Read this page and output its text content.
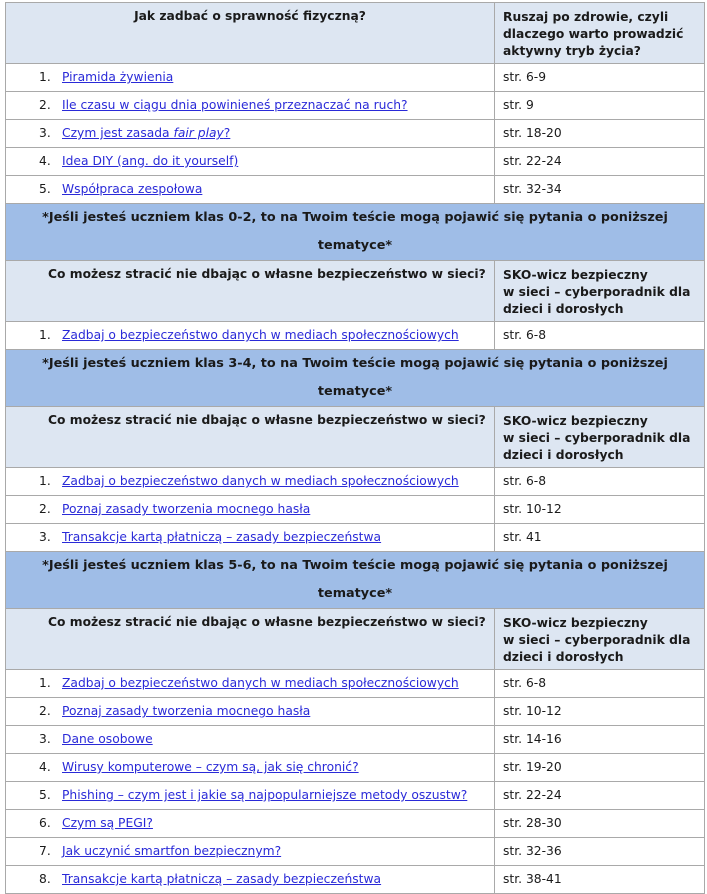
Jak zadbać o sprawność fizyczną?	Ruszaj po zdrowie, czyli
dlaczego warto prowadzić
aktywny tryb życia?

1. Piramida żywienia	str. 6-9
2. Ile czasu w ciągu dnia powinieneś przeznaczać na ruch?	str. 9
3. Czym jest zasada fair play?	str. 18-20
4. Idea DIY (ang. do it yourself)	str. 22-24
5. Współpraca zespołowa	str. 32-34
*Jeśli jesteś uczniem klas 0-2, to na Twoim teście mogą pojawić się pytania o poniższej tematyce*	
Co możesz stracić nie dbając o własne bezpieczeństwo w sieci?	SKO-wicz bezpieczny
w sieci – cyberporadnik dla
dzieci i dorosłych

1. Zadbaj o bezpieczeństwo danych w mediach społecznościowych	str. 6-8
*Jeśli jesteś uczniem klas 3-4, to na Twoim teście mogą pojawić się pytania o poniższej tematyce*	
Co możesz stracić nie dbając o własne bezpieczeństwo w sieci?	SKO-wicz bezpieczny
w sieci – cyberporadnik dla
dzieci i dorosłych

1. Zadbaj o bezpieczeństwo danych w mediach społecznościowych	str. 6-8
2. Poznaj zasady tworzenia mocnego hasła	str. 10-12
3. Transakcje kartą płatniczą – zasady bezpieczeństwa	str. 41
*Jeśli jesteś uczniem klas 5-6, to na Twoim teście mogą pojawić się pytania o poniższej tematyce*	
Co możesz stracić nie dbając o własne bezpieczeństwo w sieci?	SKO-wicz bezpieczny
w sieci – cyberporadnik dla
dzieci i dorosłych

1. Zadbaj o bezpieczeństwo danych w mediach społecznościowych	str. 6-8
2. Poznaj zasady tworzenia mocnego hasła	str. 10-12
3. Dane osobowe	str. 14-16
4. Wirusy komputerowe – czym są, jak się chronić?	str. 19-20
5. Phishing – czym jest i jakie są najpopularniejsze metody oszustw?	str. 22-24
6. Czym są PEGI?	str. 28-30
7. Jak uczynić smartfon bezpiecznym?	str. 32-36
8. Transakcje kartą płatniczą – zasady bezpieczeństwa	str. 38-41
